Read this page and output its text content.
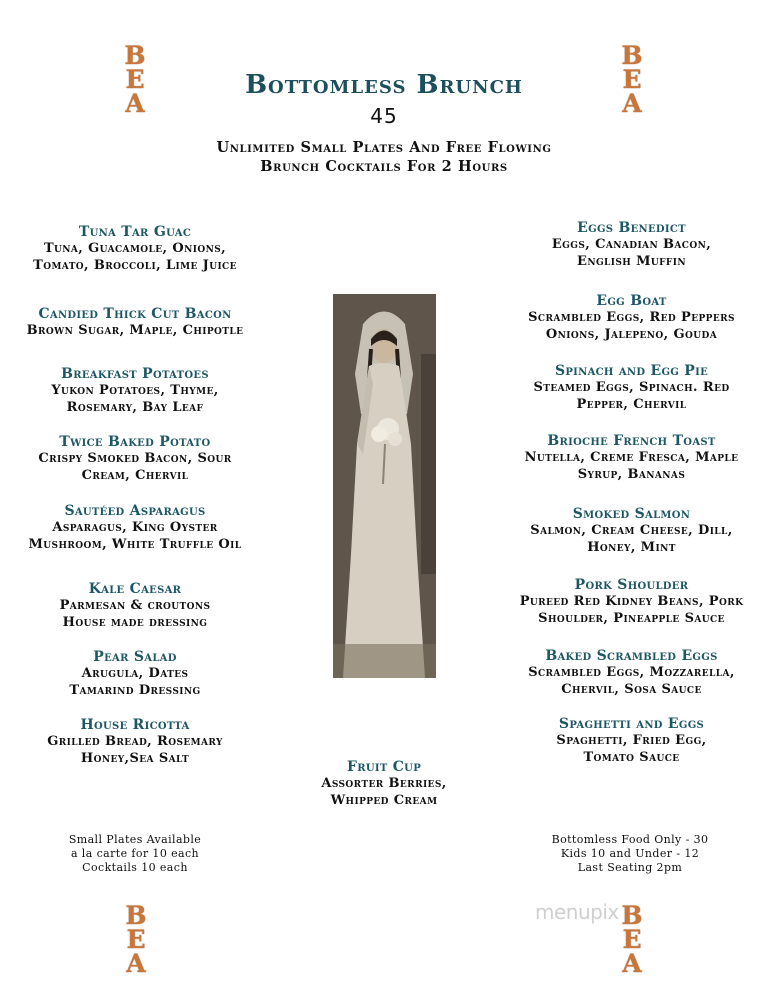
B
E
A
B
E
A
B
E
A
B
E
A
Bottomless Brunch
45
Unlimited Small Plates And Free Flowing
Brunch Cocktails For 2 Hours
Tuna Tar Guac
Tuna, Guacamole, Onions,
Tomato, Broccoli, Lime Juice
Candied Thick Cut Bacon
Brown Sugar, Maple, Chipotle
Breakfast Potatoes
Yukon Potatoes, Thyme,
Rosemary, Bay Leaf
Twice Baked Potato
Crispy Smoked Bacon, Sour
Cream, Chervil
Sautéed Asparagus
Asparagus, King Oyster
Mushroom, White Truffle Oil
Kale Caesar
Parmesan & croutons
House made dressing
Pear Salad
Arugula, Dates
Tamarind Dressing
House Ricotta
Grilled Bread, Rosemary
Honey,Sea Salt
Eggs Benedict
Eggs, Canadian Bacon,
English Muffin
Egg Boat
Scrambled Eggs, Red Peppers
Onions, Jalepeno, Gouda
Spinach and Egg Pie
Steamed Eggs, Spinach. Red
Pepper, Chervil
Brioche French Toast
Nutella, Creme Fresca, Maple
Syrup, Bananas
Smoked Salmon
Salmon, Cream Cheese, Dill,
Honey, Mint
Pork Shoulder
Pureed Red Kidney Beans, Pork
Shoulder, Pineapple Sauce
Baked Scrambled Eggs
Scrambled Eggs, Mozzarella,
Chervil, Sosa Sauce
Spaghetti and Eggs
Spaghetti, Fried Egg,
Tomato Sauce
Fruit Cup
Assorter Berries,
Whipped Cream
Small Plates Available
a la carte for 10 each
Cocktails 10 each
Bottomless Food Only - 30
Kids 10 and Under - 12
Last Seating 2pm
menupix
